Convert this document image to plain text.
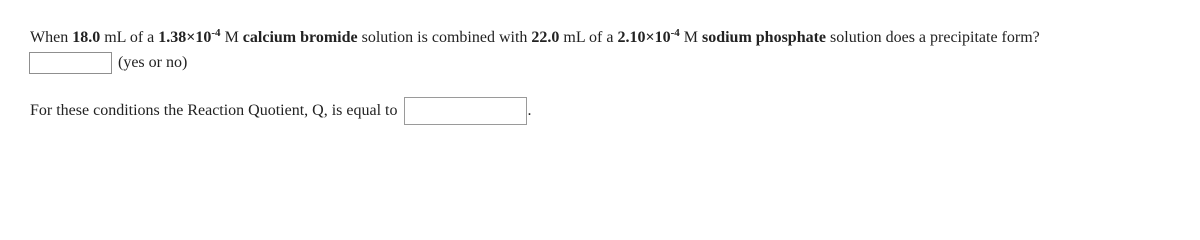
When 18.0 mL of a $1.38\times 10^{-4}$ M calcium bromide solution is combined with 22.0 mL of a $2.10\times 10^{-4}$ M sodium phosphate solution does a precipitate form?
(yes or no)
For these conditions the Reaction Quotient, Q, is equal to	.
